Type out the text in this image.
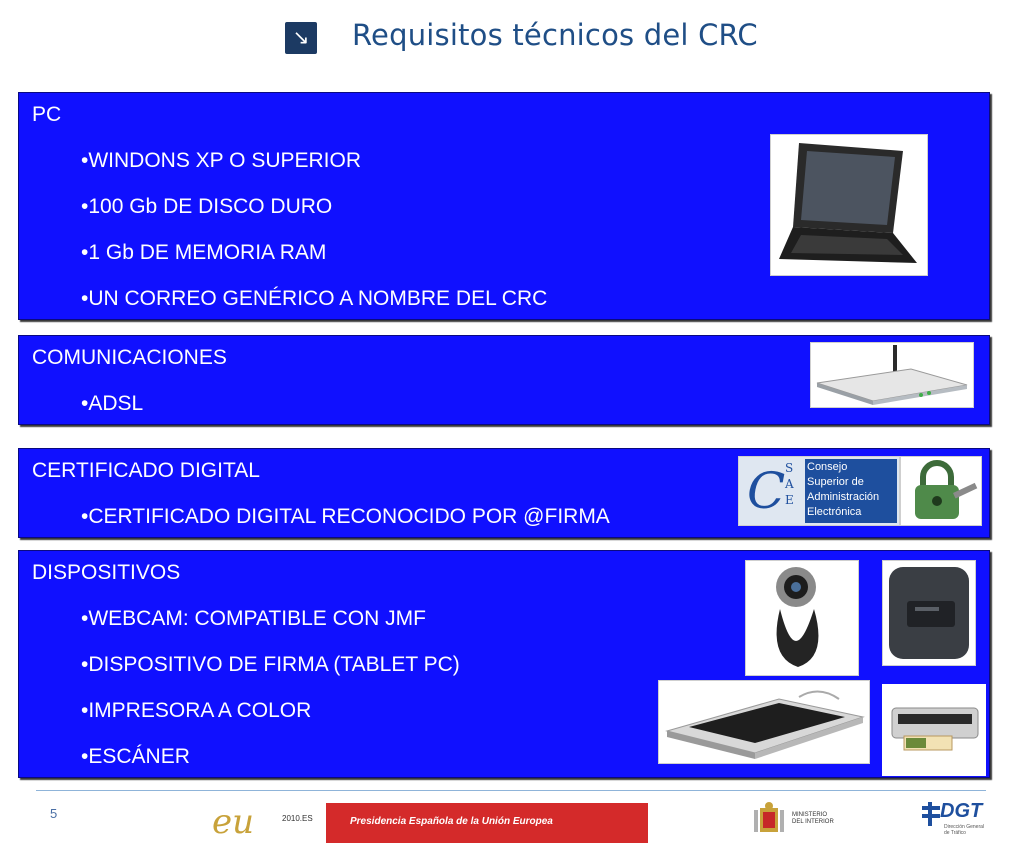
↘ Requisitos técnicos del CRC
PC
•WINDONS XP O SUPERIOR
•100 Gb DE DISCO DURO
•1 Gb DE MEMORIA RAM
•UN CORREO GENÉRICO A NOMBRE DEL CRC
COMUNICACIONES
•ADSL
CERTIFICADO DIGITAL
•CERTIFICADO DIGITAL RECONOCIDO POR @FIRMA	C S
A
E
Consejo
Superior de
Administración
Electrónica
DISPOSITIVOS
•WEBCAM: COMPATIBLE CON JMF
•DISPOSITIVO DE FIRMA (TABLET PC)
•IMPRESORA A COLOR
•ESCÁNER
5	eu	2010.ES	Presidencia Española de la Unión Europea
MINISTERIO
DEL INTERIOR	DGT
Dirección General
de Tráfico
